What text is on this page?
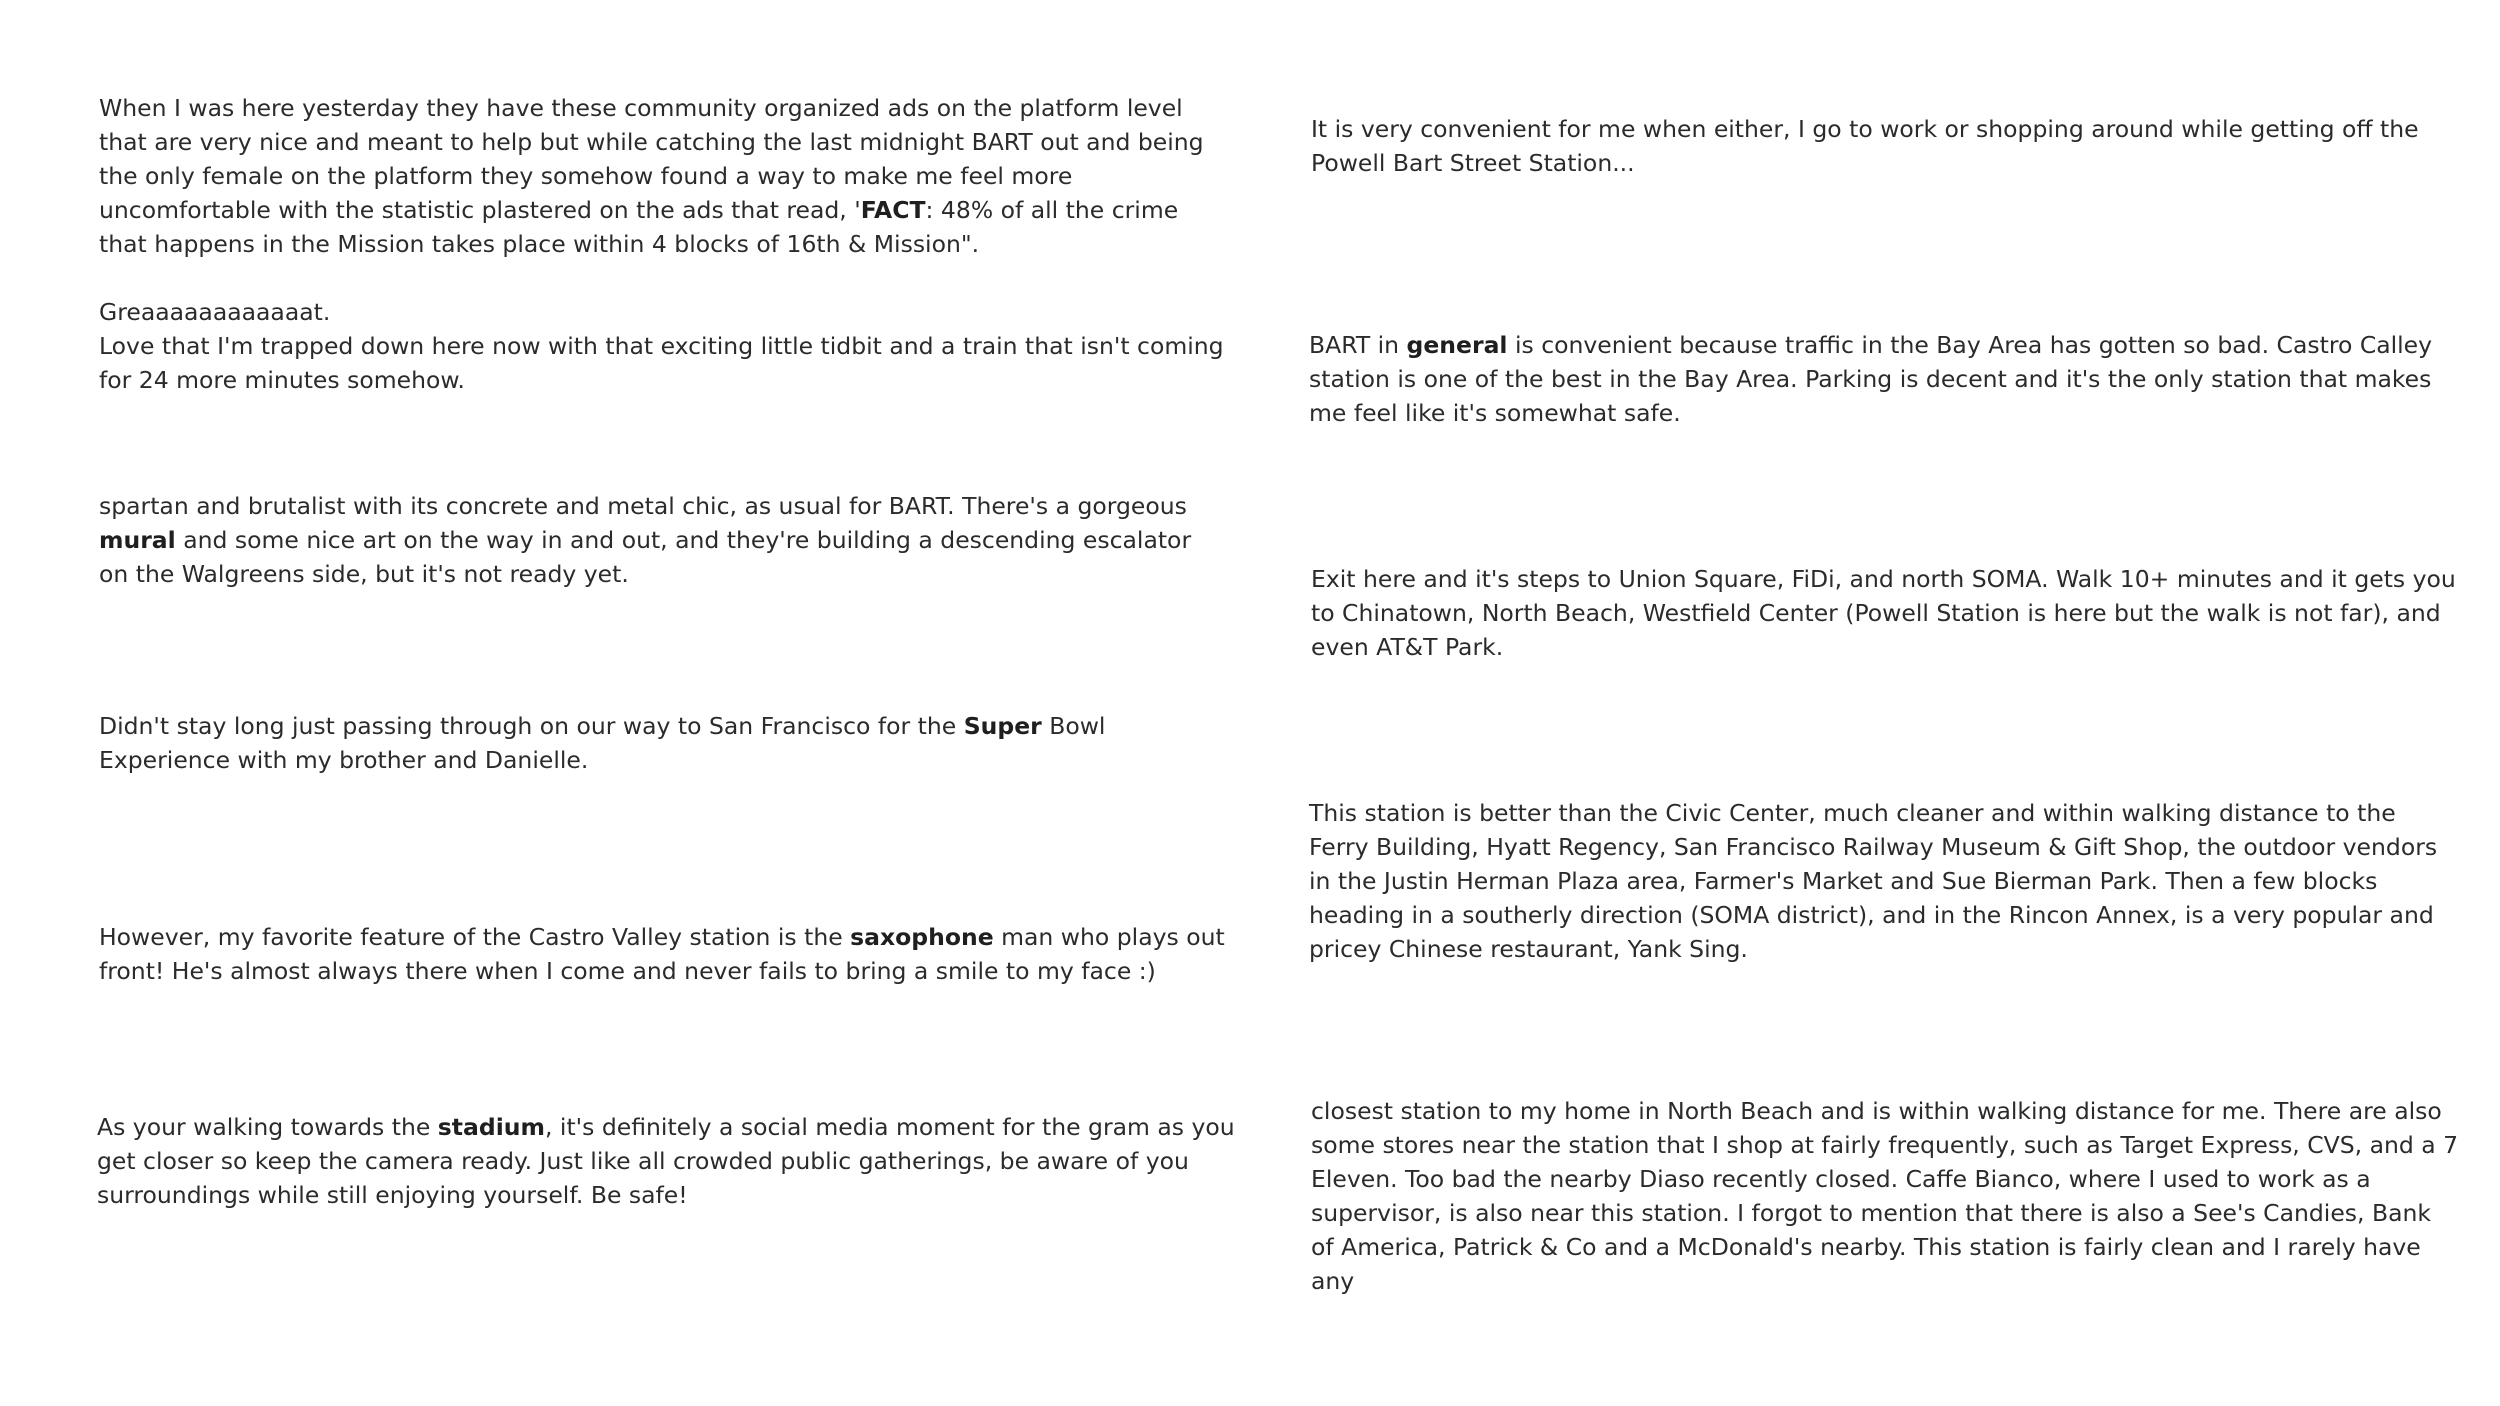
When I was here yesterday they have these community organized ads on the platform level that are very nice and meant to help but while catching the last midnight BART out and being the only female on the platform they somehow found a way to make me feel more uncomfortable with the statistic plastered on the ads that read, 'FACT: 48% of all the crime that happens in the Mission takes place within 4 blocks of 16th & Mission".

Greaaaaaaaaaaaat.
Love that I'm trapped down here now with that exciting little tidbit and a train that isn't coming for 24 more minutes somehow.

spartan and brutalist with its concrete and metal chic, as usual for BART. There's a gorgeous mural and some nice art on the way in and out, and they're building a descending escalator on the Walgreens side, but it's not ready yet.

Didn't stay long just passing through on our way to San Francisco for the Super Bowl Experience with my brother and Danielle.

However, my favorite feature of the Castro Valley station is the saxophone man who plays out front! He's almost always there when I come and never fails to bring a smile to my face :)

As your walking towards the stadium, it's definitely a social media moment for the gram as you get closer so keep the camera ready. Just like all crowded public gatherings, be aware of you surroundings while still enjoying yourself. Be safe!

It is very convenient for me when either, I go to work or shopping around while getting off the Powell Bart Street Station...

BART in general is convenient because traffic in the Bay Area has gotten so bad. Castro Calley station is one of the best in the Bay Area. Parking is decent and it's the only station that makes me feel like it's somewhat safe.

Exit here and it's steps to Union Square, FiDi, and north SOMA. Walk 10+ minutes and it gets you to Chinatown, North Beach, Westfield Center (Powell Station is here but the walk is not far), and even AT&T Park.

This station is better than the Civic Center, much cleaner and within walking distance to the Ferry Building, Hyatt Regency, San Francisco Railway Museum & Gift Shop, the outdoor vendors in the Justin Herman Plaza area, Farmer's Market and Sue Bierman Park. Then a few blocks heading in a southerly direction (SOMA district), and in the Rincon Annex, is a very popular and pricey Chinese restaurant, Yank Sing.

closest station to my home in North Beach and is within walking distance for me. There are also some stores near the station that I shop at fairly frequently, such as Target Express, CVS, and a 7 Eleven. Too bad the nearby Diaso recently closed. Caffe Bianco, where I used to work as a supervisor, is also near this station. I forgot to mention that there is also a See's Candies, Bank of America, Patrick & Co and a McDonald's nearby. This station is fairly clean and I rarely have any
